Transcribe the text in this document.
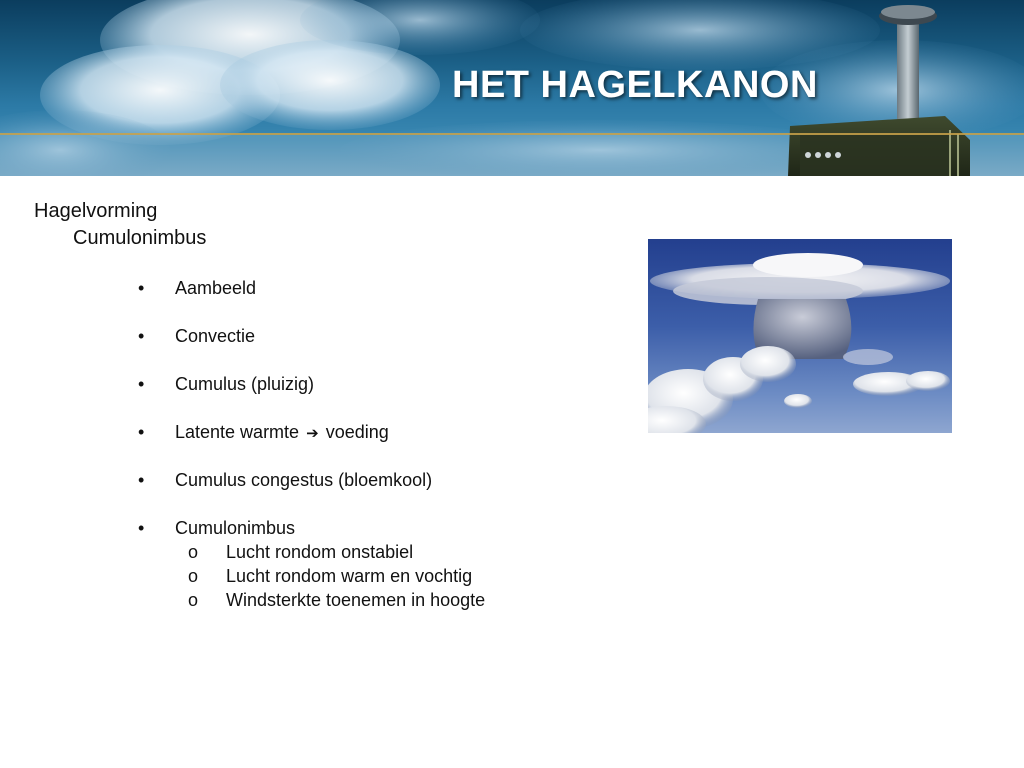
HET HAGELKANON
Hagelvorming
Cumulonimbus
•	Aambeeld
•	Convectie
•	Cumulus (pluizig)
•	Latente warmte ➔ voeding
•	Cumulus congestus (bloemkool)
•	Cumulonimbus
o Lucht rondom onstabiel
o Lucht rondom warm en vochtig
o Windsterkte toenemen in hoogte
